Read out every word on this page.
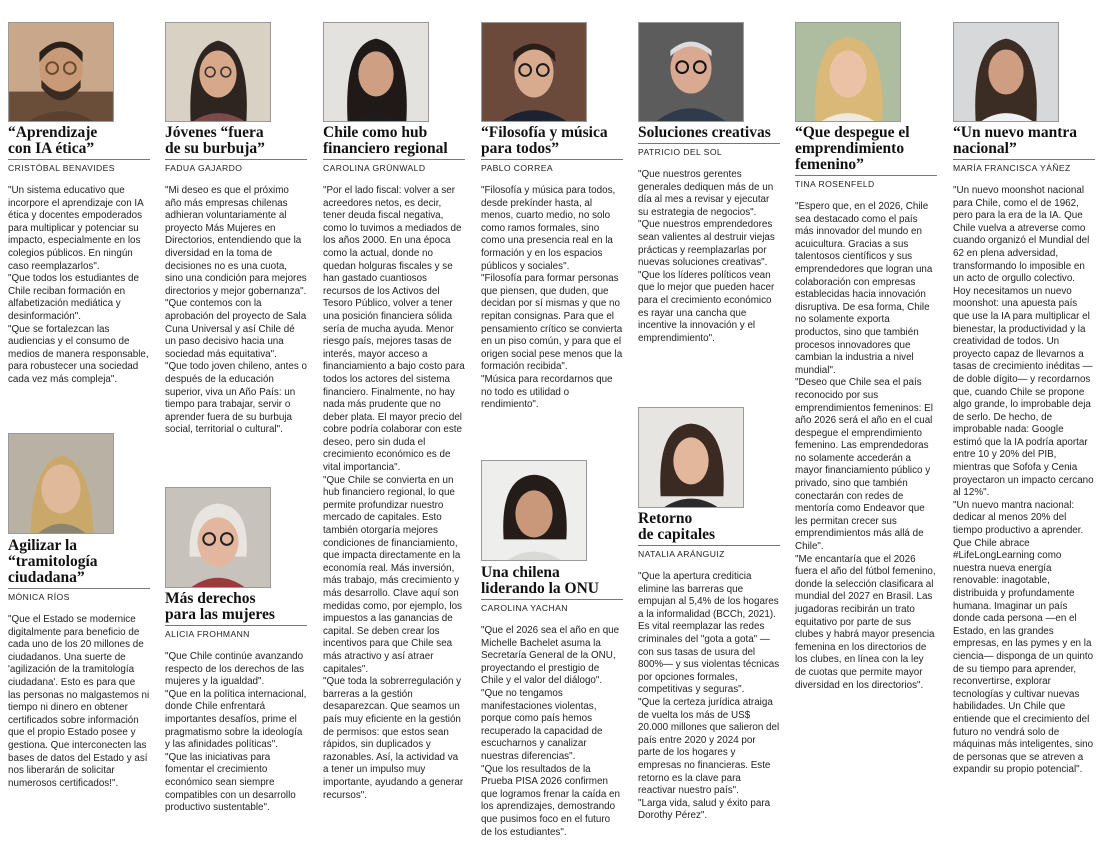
“Aprendizaje
con IA ética”
CRISTÓBAL BENAVIDES
"Un sistema educativo que incorpore el aprendizaje con IA ética y docentes empoderados para multiplicar y potenciar su impacto, especialmente en los colegios públicos. En ningún caso reemplazarlos".
"Que todos los estudiantes de Chile reciban formación en alfabetización mediática y desinformación".
"Que se fortalezcan las audiencias y el consumo de medios de manera responsable, para robustecer una sociedad cada vez más compleja".
Agilizar la
“tramitología
ciudadana”
MÓNICA RÍOS
"Que el Estado se modernice digitalmente para beneficio de cada uno de los 20 millones de ciudadanos. Una suerte de 'agilización de la tramitología ciudadana'. Esto es para que las personas no malgastemos ni tiempo ni dinero en obtener certificados sobre información que el propio Estado posee y gestiona. Que interconecten las bases de datos del Estado y así nos liberarán de solicitar numerosos certificados!".
Jóvenes “fuera
de su burbuja”
FADUA GAJARDO
"Mi deseo es que el próximo año más empresas chilenas adhieran voluntariamente al proyecto Más Mujeres en Directorios, entendiendo que la diversidad en la toma de decisiones no es una cuota, sino una condición para mejores directorios y mejor gobernanza".
"Que contemos con la aprobación del proyecto de Sala Cuna Universal y así Chile dé un paso decisivo hacia una sociedad más equitativa".
"Que todo joven chileno, antes o después de la educación superior, viva un Año País: un tiempo para trabajar, servir o aprender fuera de su burbuja social, territorial o cultural".
Más derechos
para las mujeres
ALICIA FROHMANN
"Que Chile continúe avanzando respecto de los derechos de las mujeres y la igualdad".
"Que en la política internacional, donde Chile enfrentará importantes desafíos, prime el pragmatismo sobre la ideología y las afinidades políticas".
"Que las iniciativas para fomentar el crecimiento económico sean siempre compatibles con un desarrollo productivo sustentable".
Chile como hub
financiero regional
CAROLINA GRÜNWALD
"Por el lado fiscal: volver a ser acreedores netos, es decir, tener deuda fiscal negativa, como lo tuvimos a mediados de los años 2000. En una época como la actual, donde no quedan holguras fiscales y se han gastado cuantiosos recursos de los Activos del Tesoro Público, volver a tener una posición financiera sólida sería de mucha ayuda. Menor riesgo país, mejores tasas de interés, mayor acceso a financiamiento a bajo costo para todos los actores del sistema financiero. Finalmente, no hay nada más prudente que no deber plata. El mayor precio del cobre podría colaborar con este deseo, pero sin duda el crecimiento económico es de vital importancia".
"Que Chile se convierta en un hub financiero regional, lo que permite profundizar nuestro mercado de capitales. Esto también otorgaría mejores condiciones de financiamiento, que impacta directamente en la economía real. Más inversión, más trabajo, más crecimiento y más desarrollo. Clave aquí son medidas como, por ejemplo, los impuestos a las ganancias de capital. Se deben crear los incentivos para que Chile sea más atractivo y así atraer capitales".
"Que toda la sobrerregulación y barreras a la gestión desaparezcan. Que seamos un país muy eficiente en la gestión de permisos: que estos sean rápidos, sin duplicados y razonables. Así, la actividad va a tener un impulso muy importante, ayudando a generar recursos".
“Filosofía y música
para todos”
PABLO CORREA
"Filosofía y música para todos, desde prekínder hasta, al menos, cuarto medio, no solo como ramos formales, sino como una presencia real en la formación y en los espacios públicos y sociales".
"Filosofía para formar personas que piensen, que duden, que decidan por sí mismas y que no repitan consignas. Para que el pensamiento crítico se convierta en un piso común, y para que el origen social pese menos que la formación recibida".
"Música para recordarnos que no todo es utilidad o rendimiento".
Una chilena
liderando la ONU
CAROLINA YACHAN
"Que el 2026 sea el año en que Michelle Bachelet asuma la Secretaría General de la ONU, proyectando el prestigio de Chile y el valor del diálogo".
"Que no tengamos manifestaciones violentas, porque como país hemos recuperado la capacidad de escucharnos y canalizar nuestras diferencias".
"Que los resultados de la Prueba PISA 2026 confirmen que logramos frenar la caída en los aprendizajes, demostrando que pusimos foco en el futuro de los estudiantes".
Soluciones creativas
PATRICIO DEL SOL
"Que nuestros gerentes generales dediquen más de un día al mes a revisar y ejecutar su estrategia de negocios".
"Que nuestros emprendedores sean valientes al destruir viejas prácticas y reemplazarlas por nuevas soluciones creativas".
"Que los líderes políticos vean que lo mejor que pueden hacer para el crecimiento económico es rayar una cancha que incentive la innovación y el emprendimiento".
Retorno
de capitales
NATALIA ARÁNGUIZ
"Que la apertura crediticia elimine las barreras que empujan al 5,4% de los hogares a la informalidad (BCCh, 2021). Es vital reemplazar las redes criminales del "gota a gota" —con sus tasas de usura del 800%— y sus violentas técnicas por opciones formales, competitivas y seguras".
"Que la certeza jurídica atraiga de vuelta los más de US$ 20.000 millones que salieron del país entre 2020 y 2024 por parte de los hogares y empresas no financieras. Este retorno es la clave para reactivar nuestro país".
"Larga vida, salud y éxito para Dorothy Pérez".
“Que despegue el
emprendimiento
femenino”
TINA ROSENFELD
"Espero que, en el 2026, Chile sea destacado como el país más innovador del mundo en acuicultura. Gracias a sus talentosos científicos y sus emprendedores que logran una colaboración con empresas establecidas hacia innovación disruptiva. De esa forma, Chile no solamente exporta productos, sino que también procesos innovadores que cambian la industria a nivel mundial".
"Deseo que Chile sea el país reconocido por sus emprendimientos femeninos: El año 2026 será el año en el cual despegue el emprendimiento femenino. Las emprendedoras no solamente accederán a mayor financiamiento público y privado, sino que también conectarán con redes de mentoría como Endeavor que les permitan crecer sus emprendimientos más allá de Chile".
"Me encantaría que el 2026 fuera el año del fútbol femenino, donde la selección clasificara al mundial del 2027 en Brasil. Las jugadoras recibirán un trato equitativo por parte de sus clubes y habrá mayor presencia femenina en los directorios de los clubes, en línea con la ley de cuotas que permite mayor diversidad en los directorios".
“Un nuevo mantra
nacional”
MARÍA FRANCISCA YÁÑEZ
"Un nuevo moonshot nacional para Chile, como el de 1962, pero para la era de la IA. Que Chile vuelva a atreverse como cuando organizó el Mundial del 62 en plena adversidad, transformando lo imposible en un acto de orgullo colectivo. Hoy necesitamos un nuevo moonshot: una apuesta país que use la IA para multiplicar el bienestar, la productividad y la creatividad de todos. Un proyecto capaz de llevarnos a tasas de crecimiento inéditas —de doble dígito— y recordarnos que, cuando Chile se propone algo grande, lo improbable deja de serlo. De hecho, de improbable nada: Google estimó que la IA podría aportar entre 10 y 20% del PIB, mientras que Sofofa y Cenia proyectaron un impacto cercano al 12%".
"Un nuevo mantra nacional: dedicar al menos 20% del tiempo productivo a aprender. Que Chile abrace #LifeLongLearning como nuestra nueva energía renovable: inagotable, distribuida y profundamente humana. Imaginar un país donde cada persona —en el Estado, en las grandes empresas, en las pymes y en la ciencia— disponga de un quinto de su tiempo para aprender, reconvertirse, explorar tecnologías y cultivar nuevas habilidades. Un Chile que entiende que el crecimiento del futuro no vendrá solo de máquinas más inteligentes, sino de personas que se atreven a expandir su propio potencial".
